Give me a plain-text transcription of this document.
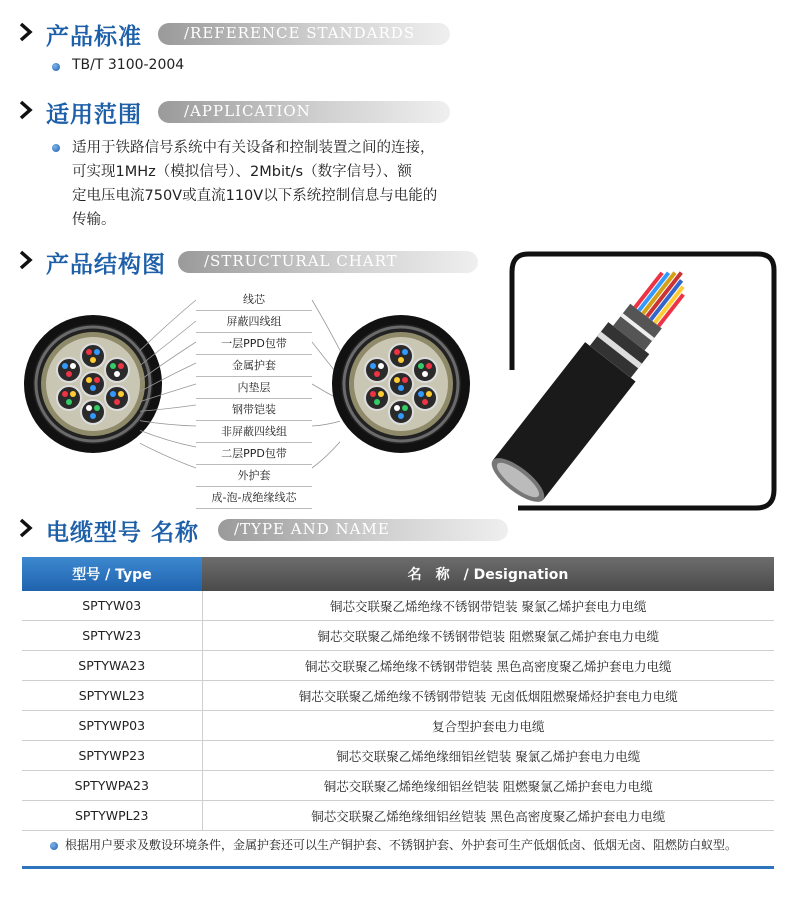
产品标准	/REFERENCE STANDARDS
TB/T 3100-2004
适用范围	/APPLICATION
适用于铁路信号系统中有关设备和控制装置之间的连接，
可实现1MHz（模拟信号）、2Mbit/s（数字信号）、额
定电压电流750V或直流110V以下系统控制信息与电能的
传输。
产品结构图	/STRUCTURAL CHART
线芯
屏蔽四线组
一层PPD包带
金属护套
内垫层
钢带铠装
非屏蔽四线组
二层PPD包带
外护套
成-泡-成绝缘线芯
电缆型号 名称 /TYPE AND NAME
型号 / Type	名　称　/ Designation
SPTYW03	铜芯交联聚乙烯绝缘不锈钢带铠装 聚氯乙烯护套电力电缆
SPTYW23	铜芯交联聚乙烯绝缘不锈钢带铠装 阻燃聚氯乙烯护套电力电缆
SPTYWA23	铜芯交联聚乙烯绝缘不锈钢带铠装 黑色高密度聚乙烯护套电力电缆
SPTYWL23	铜芯交联聚乙烯绝缘不锈钢带铠装 无卤低烟阻燃聚烯烃护套电力电缆
SPTYWP03	复合型护套电力电缆
SPTYWP23	铜芯交联聚乙烯绝缘细铝丝铠装 聚氯乙烯护套电力电缆
SPTYWPA23	铜芯交联聚乙烯绝缘细铝丝铠装 阻燃聚氯乙烯护套电力电缆
SPTYWPL23	铜芯交联聚乙烯绝缘细铝丝铠装 黑色高密度聚乙烯护套电力电缆
根据用户要求及敷设环境条件，金属护套还可以生产铜护套、不锈钢护套、外护套可生产低烟低卤、低烟无卤、阻燃防白蚁型。
